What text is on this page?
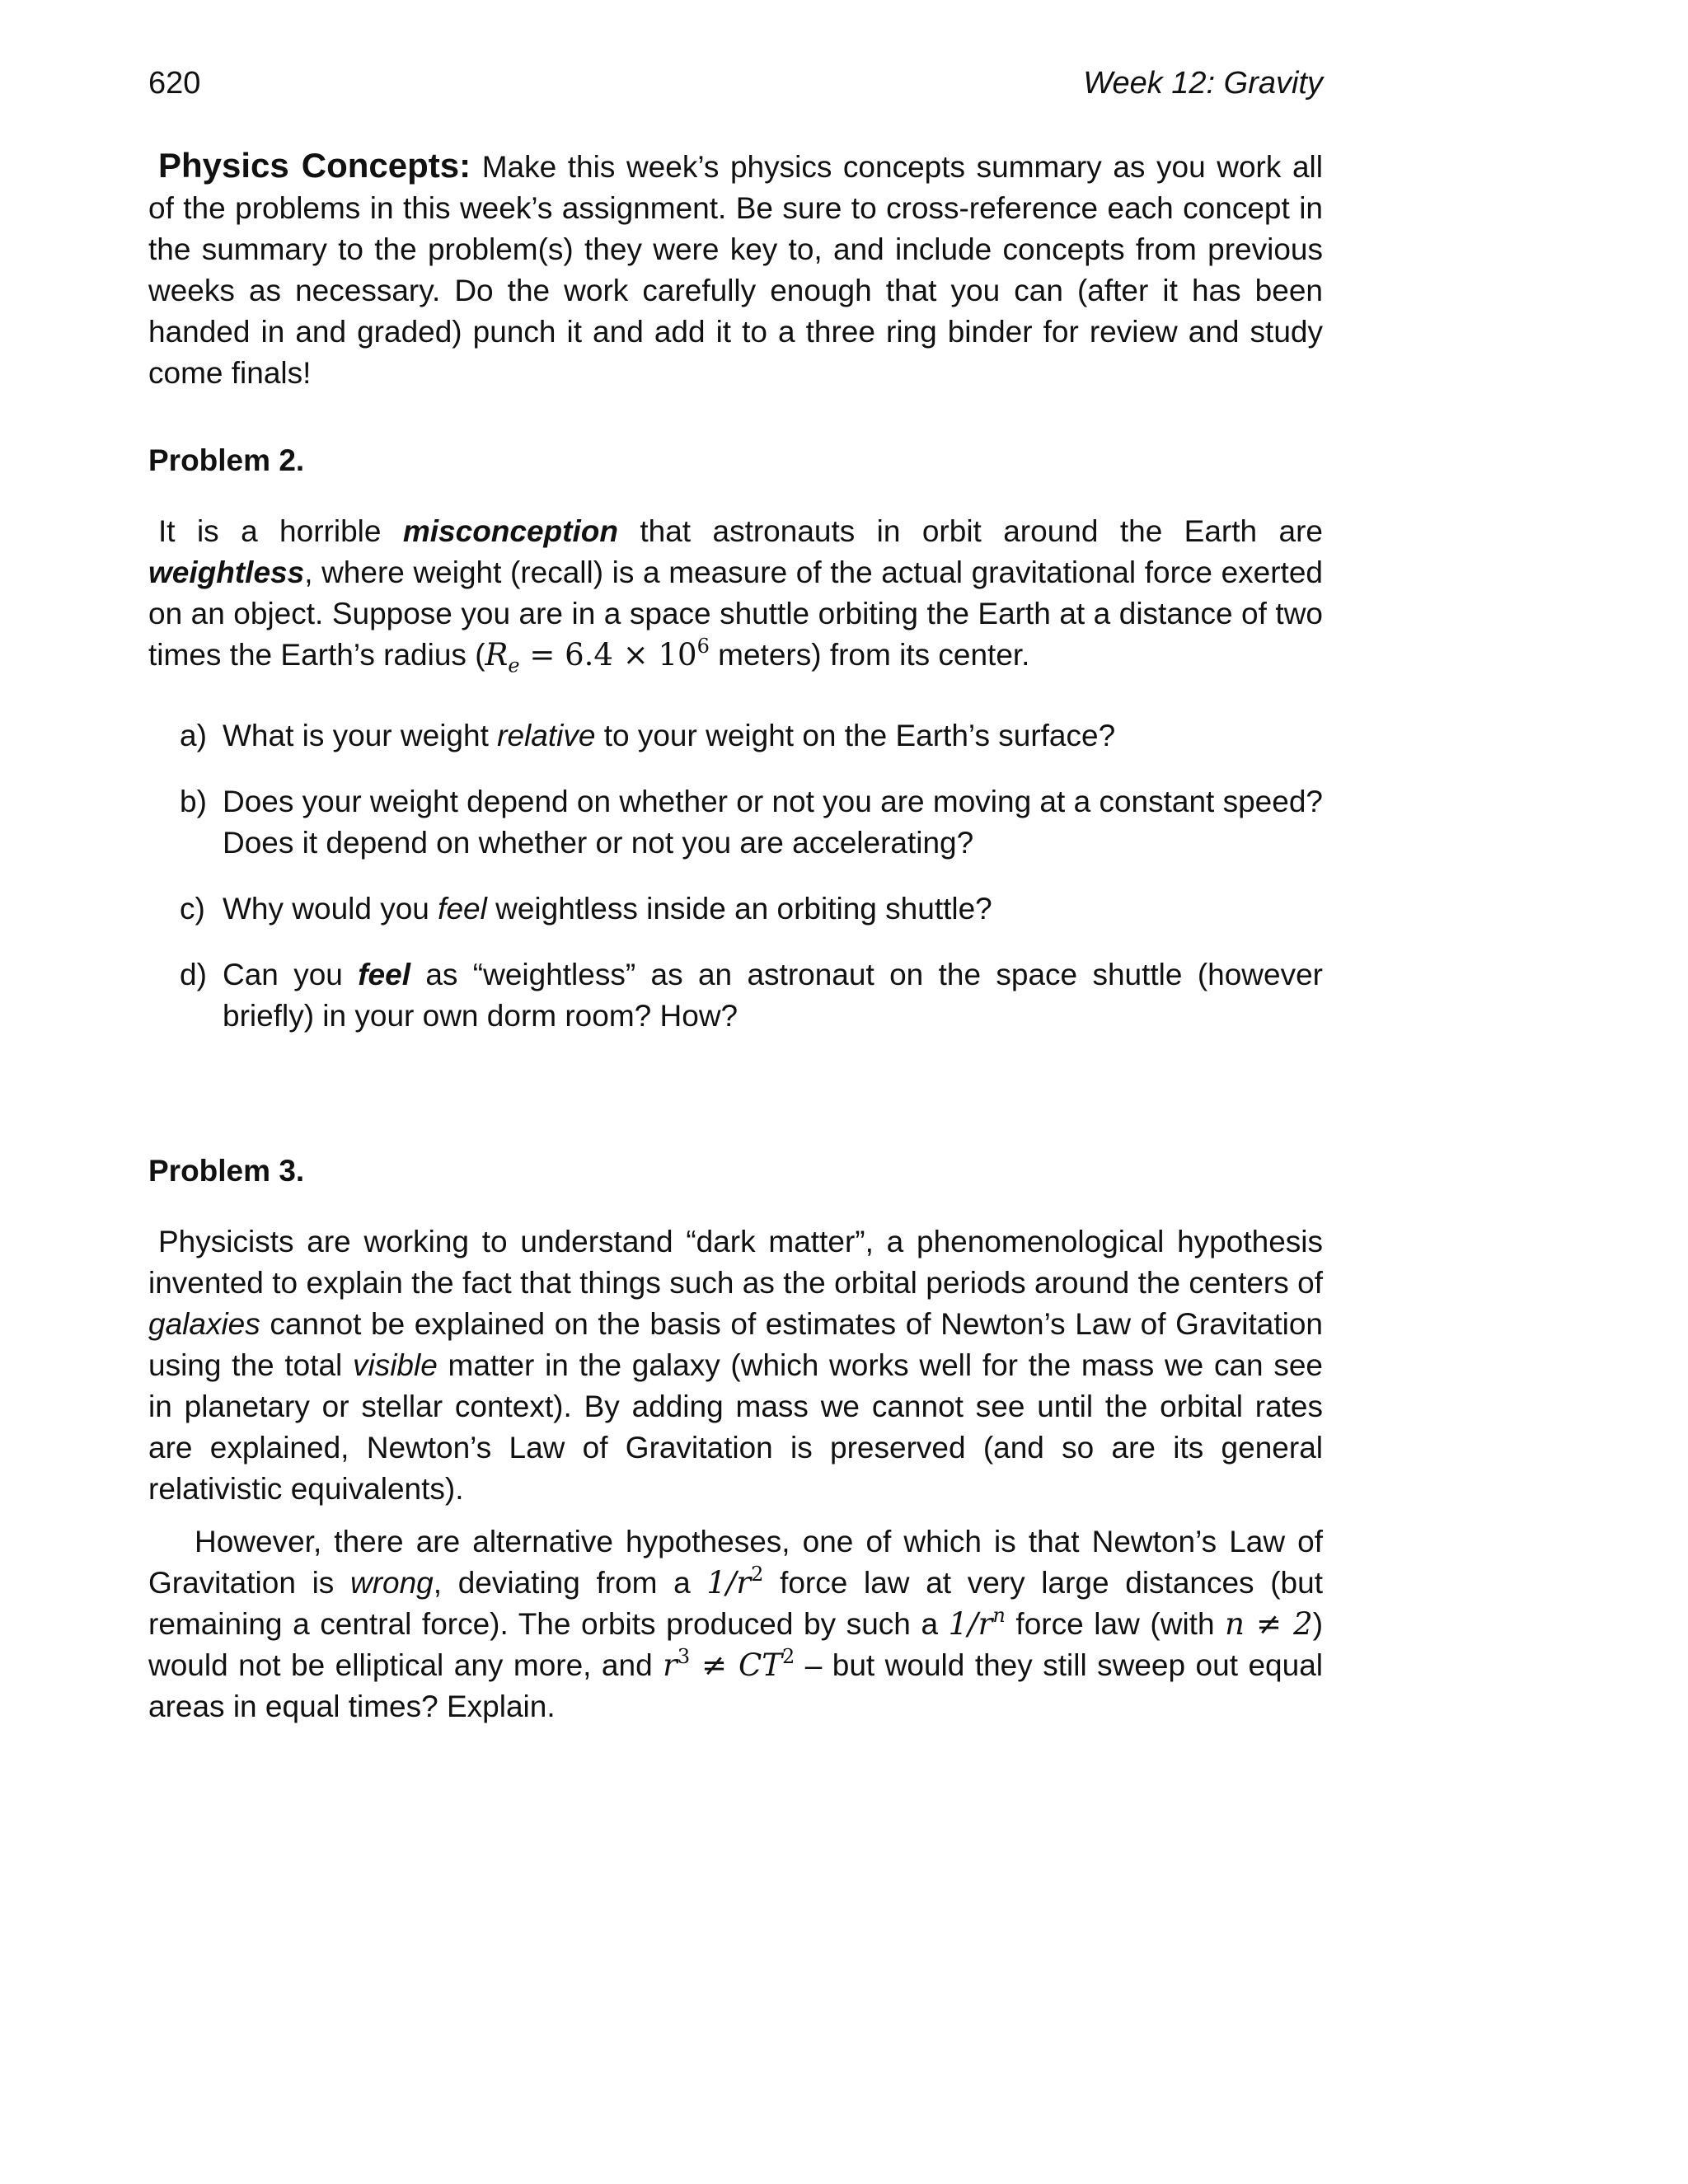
620	Week 12: Gravity

Physics Concepts: Make this week’s physics concepts summary as you work all of the problems in this week’s assignment. Be sure to cross-reference each concept in the summary to the problem(s) they were key to, and include concepts from previous weeks as necessary. Do the work carefully enough that you can (after it has been handed in and graded) punch it and add it to a three ring binder for review and study come finals!

Problem 2.

It is a horrible misconception that astronauts in orbit around the Earth are weightless, where weight (recall) is a measure of the actual gravitational force exerted on an object. Suppose you are in a space shuttle orbiting the Earth at a distance of two times the Earth’s radius ($R_e = 6.4 \times 10^6$ meters) from its center.

a) What is your weight relative to your weight on the Earth’s surface?
b) Does your weight depend on whether or not you are moving at a constant speed? Does it depend on whether or not you are accelerating?
c) Why would you feel weightless inside an orbiting shuttle?
d) Can you feel as “weightless” as an astronaut on the space shuttle (however briefly) in your own dorm room? How?
Problem 3.

Physicists are working to understand “dark matter”, a phenomenological hypothesis invented to explain the fact that things such as the orbital periods around the centers of galaxies cannot be explained on the basis of estimates of Newton’s Law of Gravitation using the total visible matter in the galaxy (which works well for the mass we can see in planetary or stellar context). By adding mass we cannot see until the orbital rates are explained, Newton’s Law of Gravitation is preserved (and so are its general relativistic equivalents).

However, there are alternative hypotheses, one of which is that Newton’s Law of Gravitation is wrong, deviating from a $1/r^2$ force law at very large distances (but remaining a central force). The orbits produced by such a $1/r^n$ force law (with n ≠ 2) would not be elliptical any more, and $r^3 \ne CT^2$ – but would they still sweep out equal areas in equal times? Explain.
